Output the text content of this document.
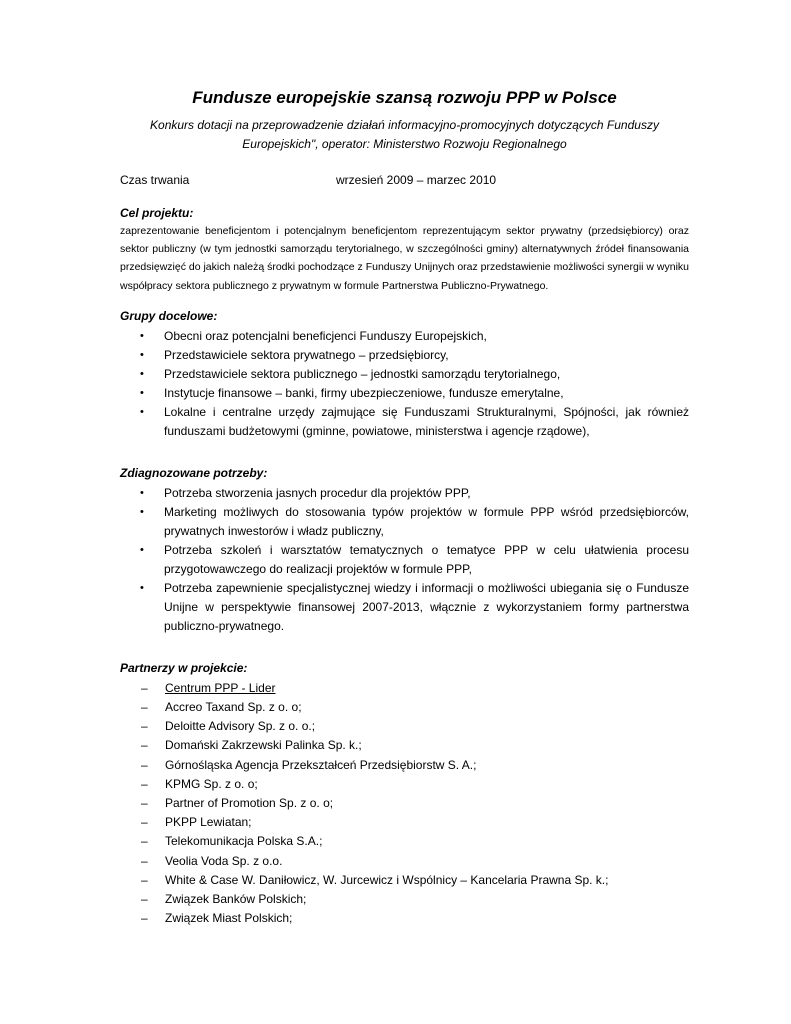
Fundusze europejskie szansą rozwoju PPP w Polsce
Konkurs dotacji na przeprowadzenie działań informacyjno-promocyjnych dotyczących Funduszy
Europejskich", operator: Ministerstwo Rozwoju Regionalnego
Czas trwania	wrzesień 2009 – marzec 2010
Cel projektu:

zaprezentowanie beneficjentom i potencjalnym beneficjentom reprezentującym sektor prywatny (przedsiębiorcy) oraz sektor publiczny (w tym jednostki samorządu terytorialnego, w szczególności gminy) alternatywnych źródeł finansowania przedsięwzięć do jakich należą środki pochodzące z Funduszy Unijnych oraz przedstawienie możliwości synergii w wyniku współpracy sektora publicznego z prywatnym w formule Partnerstwa Publiczno-Prywatnego.

Grupy docelowe:
• Obecni oraz potencjalni beneficjenci Funduszy Europejskich,
• Przedstawiciele sektora prywatnego – przedsiębiorcy,
• Przedstawiciele sektora publicznego – jednostki samorządu terytorialnego,
• Instytucje finansowe – banki, firmy ubezpieczeniowe, fundusze emerytalne,
• Lokalne i centralne urzędy zajmujące się Funduszami Strukturalnymi, Spójności, jak również funduszami budżetowymi (gminne, powiatowe, ministerstwa i agencje rządowe),
Zdiagnozowane potrzeby:
• Potrzeba stworzenia jasnych procedur dla projektów PPP,
• Marketing możliwych do stosowania typów projektów w formule PPP wśród przedsiębiorców, prywatnych inwestorów i władz publiczny,
• Potrzeba szkoleń i warsztatów tematycznych o tematyce PPP w celu ułatwienia procesu przygotowawczego do realizacji projektów w formule PPP,
• Potrzeba zapewnienie specjalistycznej wiedzy i informacji o możliwości ubiegania się o Fundusze Unijne w perspektywie finansowej 2007-2013, włącznie z wykorzystaniem formy partnerstwa publiczno-prywatnego.
Partnerzy w projekcie:
– Centrum PPP - Lider
– Accreo Taxand Sp. z o. o;
– Deloitte Advisory Sp. z o. o.;
– Domański Zakrzewski Palinka Sp. k.;
– Górnośląska Agencja Przekształceń Przedsiębiorstw S. A.;
– KPMG Sp. z o. o;
– Partner of Promotion Sp. z o. o;
– PKPP Lewiatan;
– Telekomunikacja Polska S.A.;
– Veolia Voda Sp. z o.o.
– White & Case W. Daniłowicz, W. Jurcewicz i Wspólnicy – Kancelaria Prawna Sp. k.;
– Związek Banków Polskich;
– Związek Miast Polskich;
